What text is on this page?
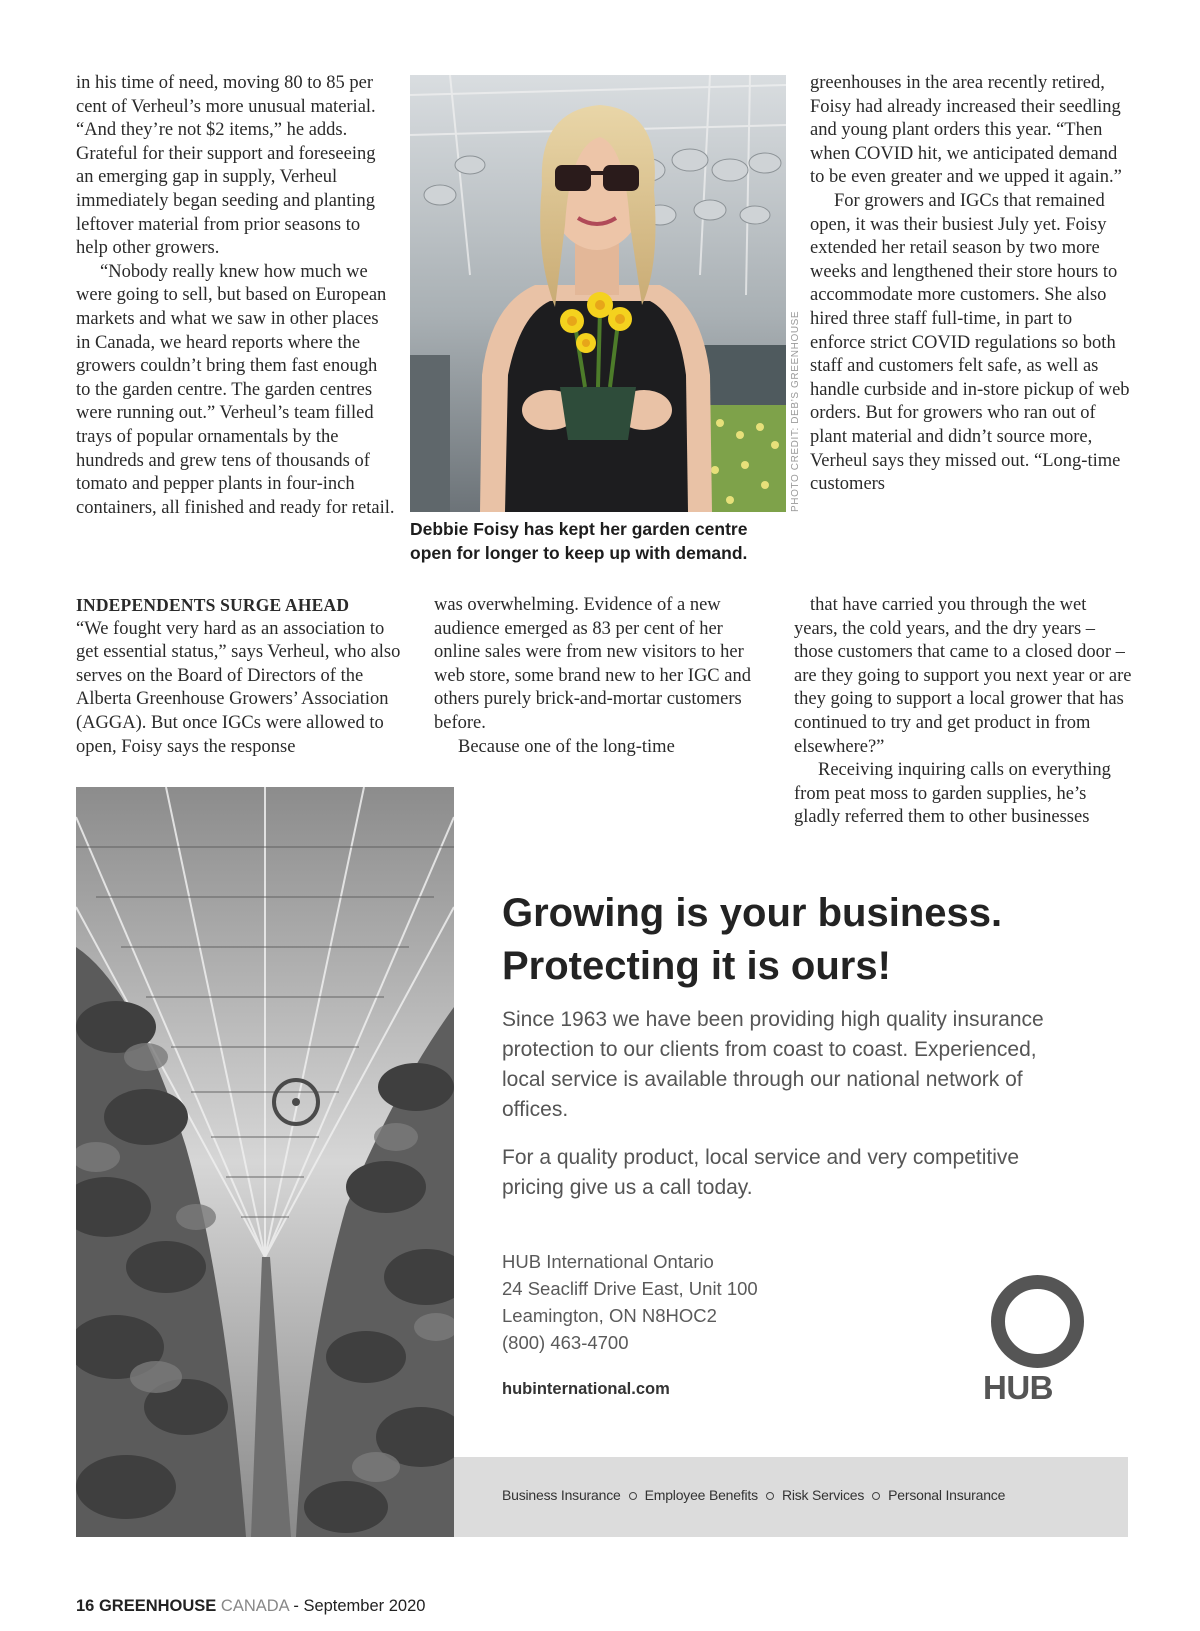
in his time of need, moving 80 to 85 per cent of Verheul’s more unusual material. “And they’re not $2 items,” he adds. Grateful for their support and foreseeing an emerging gap in supply, Verheul immediately began seeding and planting leftover material from prior seasons to help other growers.

“Nobody really knew how much we were going to sell, but based on European markets and what we saw in other places in Canada, we heard reports where the growers couldn’t bring them fast enough to the garden centre. The garden centres were running out.” Verheul’s team filled trays of popular ornamentals by the hundreds and grew tens of thousands of tomato and pepper plants in four-inch containers, all finished and ready for retail.

greenhouses in the area recently retired, Foisy had already increased their seedling and young plant orders this year. “Then when COVID hit, we anticipated demand to be even greater and we upped it again.”

For growers and IGCs that remained open, it was their busiest July yet. Foisy extended her retail season by two more weeks and lengthened their store hours to accommodate more customers. She also hired three staff full-time, in part to enforce strict COVID regulations so both staff and customers felt safe, as well as handle curbside and in-store pickup of web orders. But for growers who ran out of plant material and didn’t source more, Verheul says they missed out. “Long-time customers

INDEPENDENTS SURGE AHEAD

“We fought very hard as an association to get essential status,” says Verheul, who also serves on the Board of Directors of the Alberta Greenhouse Growers’ Association (AGGA). But once IGCs were allowed to open, Foisy says the response

was overwhelming. Evidence of a new audience emerged as 83 per cent of her online sales were from new visitors to her web store, some brand new to her IGC and others purely brick-and-mortar customers before.

Because one of the long-time

that have carried you through the wet years, the cold years, and the dry years – those customers that came to a closed door – are they going to support you next year or are they going to support a local grower that has continued to try and get product in from elsewhere?”

Receiving inquiring calls on everything from peat moss to garden supplies, he’s gladly referred them to other businesses

PHOTO CREDIT: DEB’S GREENHOUSE
Debbie Foisy has kept her garden centre open for longer to keep up with demand.
Growing is your business.
Protecting it is ours!
Since 1963 we have been providing high quality insurance protection to our clients from coast to coast. Experienced, local service is available through our national network of offices.
For a quality product, local service and very competitive pricing give us a call today.
HUB International Ontario
24 Seacliff Drive East, Unit 100
Leamington, ON N8HOC2
(800) 463-4700
hubinternational.com	HUB
Business Insurance Employee Benefits Risk Services Personal Insurance
16 GREENHOUSE CANADA - September 2020
